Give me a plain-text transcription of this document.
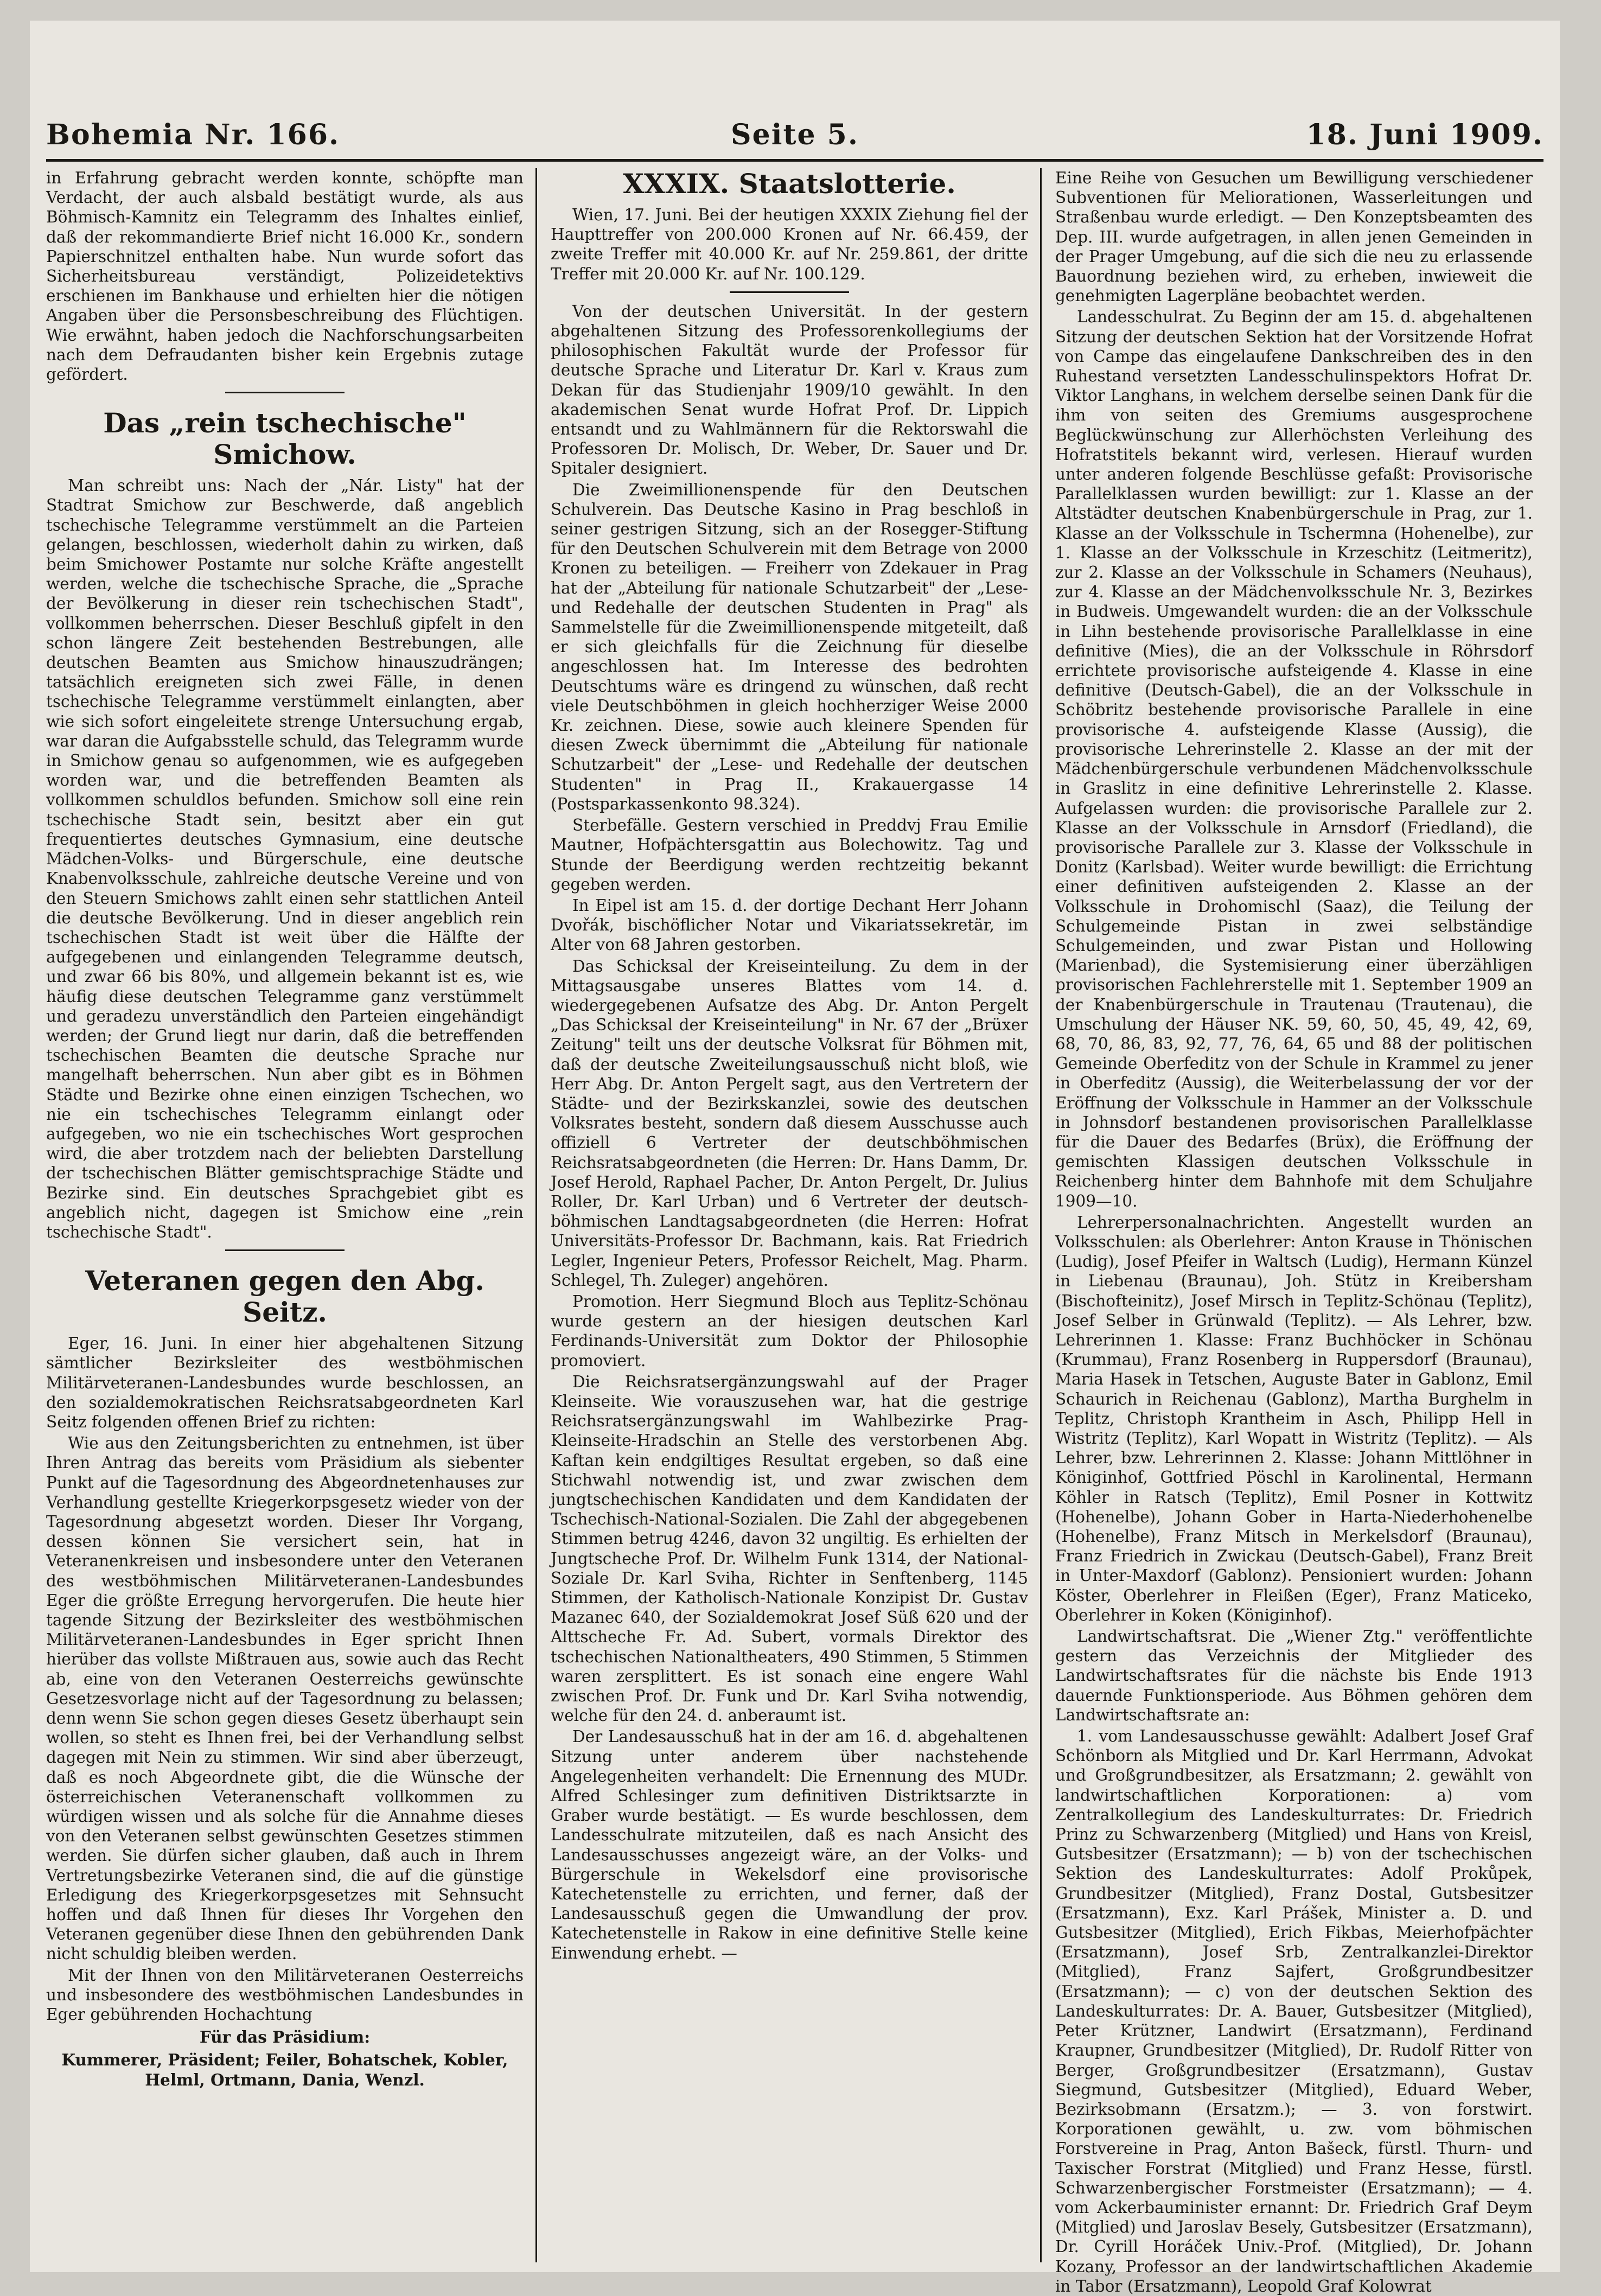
Bohemia Nr. 166.	Seite 5.	18. Juni 1909.

in Erfahrung gebracht werden konnte, schöpfte man Verdacht, der auch alsbald bestätigt wurde, als aus Böhmisch-Kamnitz ein Telegramm des Inhaltes einlief, daß der rekommandierte Brief nicht 16.000 Kr., sondern Papierschnitzel enthalten habe. Nun wurde sofort das Sicherheitsbureau verständigt, Polizeidetektivs erschienen im Bankhause und erhielten hier die nötigen Angaben über die Personsbeschreibung des Flüchtigen. Wie erwähnt, haben jedoch die Nachforschungsarbeiten nach dem Defraudanten bisher kein Ergebnis zutage gefördert.

Das „rein tschechische" Smichow.

Man schreibt uns: Nach der „Nár. Listy" hat der Stadtrat Smichow zur Beschwerde, daß angeblich tschechische Telegramme verstümmelt an die Parteien gelangen, beschlossen, wiederholt dahin zu wirken, daß beim Smichower Postamte nur solche Kräfte angestellt werden, welche die tschechische Sprache, die „Sprache der Bevölkerung in dieser rein tschechischen Stadt", vollkommen beherrschen. Dieser Beschluß gipfelt in den schon längere Zeit bestehenden Bestrebungen, alle deutschen Beamten aus Smichow hinauszudrängen; tatsächlich ereigneten sich zwei Fälle, in denen tschechische Telegramme verstümmelt einlangten, aber wie sich sofort eingeleitete strenge Untersuchung ergab, war daran die Aufgabsstelle schuld, das Telegramm wurde in Smichow genau so aufgenommen, wie es aufgegeben worden war, und die betreffenden Beamten als vollkommen schuldlos befunden. Smichow soll eine rein tschechische Stadt sein, besitzt aber ein gut frequentiertes deutsches Gymnasium, eine deutsche Mädchen-Volks- und Bürgerschule, eine deutsche Knabenvolksschule, zahlreiche deutsche Vereine und von den Steuern Smichows zahlt einen sehr stattlichen Anteil die deutsche Bevölkerung. Und in dieser angeblich rein tschechischen Stadt ist weit über die Hälfte der aufgegebenen und einlangenden Telegramme deutsch, und zwar 66 bis 80%, und allgemein bekannt ist es, wie häufig diese deutschen Telegramme ganz verstümmelt und geradezu unverständlich den Parteien eingehändigt werden; der Grund liegt nur darin, daß die betreffenden tschechischen Beamten die deutsche Sprache nur mangelhaft beherrschen. Nun aber gibt es in Böhmen Städte und Bezirke ohne einen einzigen Tschechen, wo nie ein tschechisches Telegramm einlangt oder aufgegeben, wo nie ein tschechisches Wort gesprochen wird, die aber trotzdem nach der beliebten Darstellung der tschechischen Blätter gemischtsprachige Städte und Bezirke sind. Ein deutsches Sprachgebiet gibt es angeblich nicht, dagegen ist Smichow eine „rein tschechische Stadt".

Veteranen gegen den Abg. Seitz.

Eger, 16. Juni. In einer hier abgehaltenen Sitzung sämtlicher Bezirksleiter des westböhmischen Militärveteranen-Landesbundes wurde beschlossen, an den sozialdemokratischen Reichsratsabgeordneten Karl Seitz folgenden offenen Brief zu richten:

Wie aus den Zeitungsberichten zu entnehmen, ist über Ihren Antrag das bereits vom Präsidium als siebenter Punkt auf die Tagesordnung des Abgeordnetenhauses zur Verhandlung gestellte Kriegerkorpsgesetz wieder von der Tagesordnung abgesetzt worden. Dieser Ihr Vorgang, dessen können Sie versichert sein, hat in Veteranenkreisen und insbesondere unter den Veteranen des westböhmischen Militärveteranen-Landesbundes Eger die größte Erregung hervorgerufen. Die heute hier tagende Sitzung der Bezirksleiter des westböhmischen Militärveteranen-Landesbundes in Eger spricht Ihnen hierüber das vollste Mißtrauen aus, sowie auch das Recht ab, eine von den Veteranen Oesterreichs gewünschte Gesetzesvorlage nicht auf der Tagesordnung zu belassen; denn wenn Sie schon gegen dieses Gesetz überhaupt sein wollen, so steht es Ihnen frei, bei der Verhandlung selbst dagegen mit Nein zu stimmen. Wir sind aber überzeugt, daß es noch Abgeordnete gibt, die die Wünsche der österreichischen Veteranenschaft vollkommen zu würdigen wissen und als solche für die Annahme dieses von den Veteranen selbst gewünschten Gesetzes stimmen werden. Sie dürfen sicher glauben, daß auch in Ihrem Vertretungsbezirke Veteranen sind, die auf die günstige Erledigung des Kriegerkorpsgesetzes mit Sehnsucht hoffen und daß Ihnen für dieses Ihr Vorgehen den Veteranen gegenüber diese Ihnen den gebührenden Dank nicht schuldig bleiben werden.

Mit der Ihnen von den Militärveteranen Oesterreichs und insbesondere des westböhmischen Landesbundes in Eger gebührenden Hochachtung

Für das Präsidium:

Kummerer, Präsident; Feiler, Bohatschek, Kobler, Helml, Ortmann, Dania, Wenzl.

XXXIX. Staatslotterie.

Wien, 17. Juni. Bei der heutigen XXXIX Ziehung fiel der Haupttreffer von 200.000 Kronen auf Nr. 66.459, der zweite Treffer mit 40.000 Kr. auf Nr. 259.861, der dritte Treffer mit 20.000 Kr. auf Nr. 100.129.

Von der deutschen Universität. In der gestern abgehaltenen Sitzung des Professorenkollegiums der philosophischen Fakultät wurde der Professor für deutsche Sprache und Literatur Dr. Karl v. Kraus zum Dekan für das Studienjahr 1909/10 gewählt. In den akademischen Senat wurde Hofrat Prof. Dr. Lippich entsandt und zu Wahlmännern für die Rektorswahl die Professoren Dr. Molisch, Dr. Weber, Dr. Sauer und Dr. Spitaler designiert.

Die Zweimillionenspende für den Deutschen Schulverein. Das Deutsche Kasino in Prag beschloß in seiner gestrigen Sitzung, sich an der Rosegger-Stiftung für den Deutschen Schulverein mit dem Betrage von 2000 Kronen zu beteiligen. — Freiherr von Zdekauer in Prag hat der „Abteilung für nationale Schutzarbeit" der „Lese- und Redehalle der deutschen Studenten in Prag" als Sammelstelle für die Zweimillionenspende mitgeteilt, daß er sich gleichfalls für die Zeichnung für dieselbe angeschlossen hat. Im Interesse des bedrohten Deutschtums wäre es dringend zu wünschen, daß recht viele Deutschböhmen in gleich hochherziger Weise 2000 Kr. zeichnen. Diese, sowie auch kleinere Spenden für diesen Zweck übernimmt die „Abteilung für nationale Schutzarbeit" der „Lese- und Redehalle der deutschen Studenten" in Prag II., Krakauergasse 14 (Postsparkassenkonto 98.324).

Sterbefälle. Gestern verschied in Preddvj Frau Emilie Mautner, Hofpächtersgattin aus Bolechowitz. Tag und Stunde der Beerdigung werden rechtzeitig bekannt gegeben werden.

In Eipel ist am 15. d. der dortige Dechant Herr Johann Dvořák, bischöflicher Notar und Vikariatssekretär, im Alter von 68 Jahren gestorben.

Das Schicksal der Kreiseinteilung. Zu dem in der Mittagsausgabe unseres Blattes vom 14. d. wiedergegebenen Aufsatze des Abg. Dr. Anton Pergelt „Das Schicksal der Kreiseinteilung" in Nr. 67 der „Brüxer Zeitung" teilt uns der deutsche Volksrat für Böhmen mit, daß der deutsche Zweiteilungsausschuß nicht bloß, wie Herr Abg. Dr. Anton Pergelt sagt, aus den Vertretern der Städte- und der Bezirkskanzlei, sowie des deutschen Volksrates besteht, sondern daß diesem Ausschusse auch offiziell 6 Vertreter der deutschböhmischen Reichsratsabgeordneten (die Herren: Dr. Hans Damm, Dr. Josef Herold, Raphael Pacher, Dr. Anton Pergelt, Dr. Julius Roller, Dr. Karl Urban) und 6 Vertreter der deutsch-böhmischen Landtagsabgeordneten (die Herren: Hofrat Universitäts-Professor Dr. Bachmann, kais. Rat Friedrich Legler, Ingenieur Peters, Professor Reichelt, Mag. Pharm. Schlegel, Th. Zuleger) angehören.

Promotion. Herr Siegmund Bloch aus Teplitz-Schönau wurde gestern an der hiesigen deutschen Karl Ferdinands-Universität zum Doktor der Philosophie promoviert.

Die Reichsratsergänzungswahl auf der Prager Kleinseite. Wie vorauszusehen war, hat die gestrige Reichsratsergänzungswahl im Wahlbezirke Prag-Kleinseite-Hradschin an Stelle des verstorbenen Abg. Kaftan kein endgiltiges Resultat ergeben, so daß eine Stichwahl notwendig ist, und zwar zwischen dem jungtschechischen Kandidaten und dem Kandidaten der Tschechisch-National-Sozialen. Die Zahl der abgegebenen Stimmen betrug 4246, davon 32 ungiltig. Es erhielten der Jungtscheche Prof. Dr. Wilhelm Funk 1314, der National-Soziale Dr. Karl Sviha, Richter in Senftenberg, 1145 Stimmen, der Katholisch-Nationale Konzipist Dr. Gustav Mazanec 640, der Sozialdemokrat Josef Süß 620 und der Alttscheche Fr. Ad. Subert, vormals Direktor des tschechischen Nationaltheaters, 490 Stimmen, 5 Stimmen waren zersplittert. Es ist sonach eine engere Wahl zwischen Prof. Dr. Funk und Dr. Karl Sviha notwendig, welche für den 24. d. anberaumt ist.

Der Landesausschuß hat in der am 16. d. abgehaltenen Sitzung unter anderem über nachstehende Angelegenheiten verhandelt: Die Ernennung des MUDr. Alfred Schlesinger zum definitiven Distriktsarzte in Graber wurde bestätigt. — Es wurde beschlossen, dem Landesschulrate mitzuteilen, daß es nach Ansicht des Landesausschusses angezeigt wäre, an der Volks- und Bürgerschule in Wekelsdorf eine provisorische Katechetenstelle zu errichten, und ferner, daß der Landesausschuß gegen die Umwandlung der prov. Katechetenstelle in Rakow in eine definitive Stelle keine Einwendung erhebt. —

Eine Reihe von Gesuchen um Bewilligung verschiedener Subventionen für Meliorationen, Wasserleitungen und Straßenbau wurde erledigt. — Den Konzeptsbeamten des Dep. III. wurde aufgetragen, in allen jenen Gemeinden in der Prager Umgebung, auf die sich die neu zu erlassende Bauordnung beziehen wird, zu erheben, inwieweit die genehmigten Lagerpläne beobachtet werden.

Landesschulrat. Zu Beginn der am 15. d. abgehaltenen Sitzung der deutschen Sektion hat der Vorsitzende Hofrat von Campe das eingelaufene Dankschreiben des in den Ruhestand versetzten Landesschulinspektors Hofrat Dr. Viktor Langhans, in welchem derselbe seinen Dank für die ihm von seiten des Gremiums ausgesprochene Beglückwünschung zur Allerhöchsten Verleihung des Hofratstitels bekannt wird, verlesen. Hierauf wurden unter anderen folgende Beschlüsse gefaßt: Provisorische Parallelklassen wurden bewilligt: zur 1. Klasse an der Altstädter deutschen Knabenbürgerschule in Prag, zur 1. Klasse an der Volksschule in Tschermna (Hohenelbe), zur 1. Klasse an der Volksschule in Krzeschitz (Leitmeritz), zur 2. Klasse an der Volksschule in Schamers (Neuhaus), zur 4. Klasse an der Mädchenvolksschule Nr. 3, Bezirkes in Budweis. Umgewandelt wurden: die an der Volksschule in Lihn bestehende provisorische Parallelklasse in eine definitive (Mies), die an der Volksschule in Röhrsdorf errichtete provisorische aufsteigende 4. Klasse in eine definitive (Deutsch-Gabel), die an der Volksschule in Schöbritz bestehende provisorische Parallele in eine provisorische 4. aufsteigende Klasse (Aussig), die provisorische Lehrerinstelle 2. Klasse an der mit der Mädchenbürgerschule verbundenen Mädchenvolksschule in Graslitz in eine definitive Lehrerinstelle 2. Klasse. Aufgelassen wurden: die provisorische Parallele zur 2. Klasse an der Volksschule in Arnsdorf (Friedland), die provisorische Parallele zur 3. Klasse der Volksschule in Donitz (Karlsbad). Weiter wurde bewilligt: die Errichtung einer definitiven aufsteigenden 2. Klasse an der Volksschule in Drohomischl (Saaz), die Teilung der Schulgemeinde Pistan in zwei selbständige Schulgemeinden, und zwar Pistan und Hollowing (Marienbad), die Systemisierung einer überzähligen provisorischen Fachlehrerstelle mit 1. September 1909 an der Knabenbürgerschule in Trautenau (Trautenau), die Umschulung der Häuser NK. 59, 60, 50, 45, 49, 42, 69, 68, 70, 86, 83, 92, 77, 76, 64, 65 und 88 der politischen Gemeinde Oberfeditz von der Schule in Krammel zu jener in Oberfeditz (Aussig), die Weiterbelassung der vor der Eröffnung der Volksschule in Hammer an der Volksschule in Johnsdorf bestandenen provisorischen Parallelklasse für die Dauer des Bedarfes (Brüx), die Eröffnung der gemischten Klassigen deutschen Volksschule in Reichenberg hinter dem Bahnhofe mit dem Schuljahre 1909—10.

Lehrerpersonalnachrichten. Angestellt wurden an Volksschulen: als Oberlehrer: Anton Krause in Thönischen (Ludig), Josef Pfeifer in Waltsch (Ludig), Hermann Künzel in Liebenau (Braunau), Joh. Stütz in Kreibersham (Bischofteinitz), Josef Mirsch in Teplitz-Schönau (Teplitz), Josef Selber in Grünwald (Teplitz). — Als Lehrer, bzw. Lehrerinnen 1. Klasse: Franz Buchhöcker in Schönau (Krummau), Franz Rosenberg in Ruppersdorf (Braunau), Maria Hasek in Tetschen, Auguste Bater in Gablonz, Emil Schaurich in Reichenau (Gablonz), Martha Burghelm in Teplitz, Christoph Krantheim in Asch, Philipp Hell in Wistritz (Teplitz), Karl Wopatt in Wistritz (Teplitz). — Als Lehrer, bzw. Lehrerinnen 2. Klasse: Johann Mittlöhner in Königinhof, Gottfried Pöschl in Karolinental, Hermann Köhler in Ratsch (Teplitz), Emil Posner in Kottwitz (Hohenelbe), Johann Gober in Harta-Niederhohenelbe (Hohenelbe), Franz Mitsch in Merkelsdorf (Braunau), Franz Friedrich in Zwickau (Deutsch-Gabel), Franz Breit in Unter-Maxdorf (Gablonz). Pensioniert wurden: Johann Köster, Oberlehrer in Fleißen (Eger), Franz Maticeko, Oberlehrer in Koken (Königinhof).

Landwirtschaftsrat. Die „Wiener Ztg." veröffentlichte gestern das Verzeichnis der Mitglieder des Landwirtschaftsrates für die nächste bis Ende 1913 dauernde Funktionsperiode. Aus Böhmen gehören dem Landwirtschaftsrate an:

1. vom Landesausschusse gewählt: Adalbert Josef Graf Schönborn als Mitglied und Dr. Karl Herrmann, Advokat und Großgrundbesitzer, als Ersatzmann; 2. gewählt von landwirtschaftlichen Korporationen: a) vom Zentralkollegium des Landeskulturrates: Dr. Friedrich Prinz zu Schwarzenberg (Mitglied) und Hans von Kreisl, Gutsbesitzer (Ersatzmann); — b) von der tschechischen Sektion des Landeskulturrates: Adolf Prokůpek, Grundbesitzer (Mitglied), Franz Dostal, Gutsbesitzer (Ersatzmann), Exz. Karl Prášek, Minister a. D. und Gutsbesitzer (Mitglied), Erich Fikbas, Meierhofpächter (Ersatzmann), Josef Srb, Zentralkanzlei-Direktor (Mitglied), Franz Sajfert, Großgrundbesitzer (Ersatzmann); — c) von der deutschen Sektion des Landeskulturrates: Dr. A. Bauer, Gutsbesitzer (Mitglied), Peter Krützner, Landwirt (Ersatzmann), Ferdinand Kraupner, Grundbesitzer (Mitglied), Dr. Rudolf Ritter von Berger, Großgrundbesitzer (Ersatzmann), Gustav Siegmund, Gutsbesitzer (Mitglied), Eduard Weber, Bezirksobmann (Ersatzm.); — 3. von forstwirt. Korporationen gewählt, u. zw. vom böhmischen Forstvereine in Prag, Anton Bašeck, fürstl. Thurn- und Taxischer Forstrat (Mitglied) und Franz Hesse, fürstl. Schwarzenbergischer Forstmeister (Ersatzmann); — 4. vom Ackerbauminister ernannt: Dr. Friedrich Graf Deym (Mitglied) und Jaroslav Besely, Gutsbesitzer (Ersatzmann), Dr. Cyrill Horáček Univ.-Prof. (Mitglied), Dr. Johann Kozany, Professor an der landwirtschaftlichen Akademie in Tabor (Ersatzmann), Leopold Graf Kolowrat
